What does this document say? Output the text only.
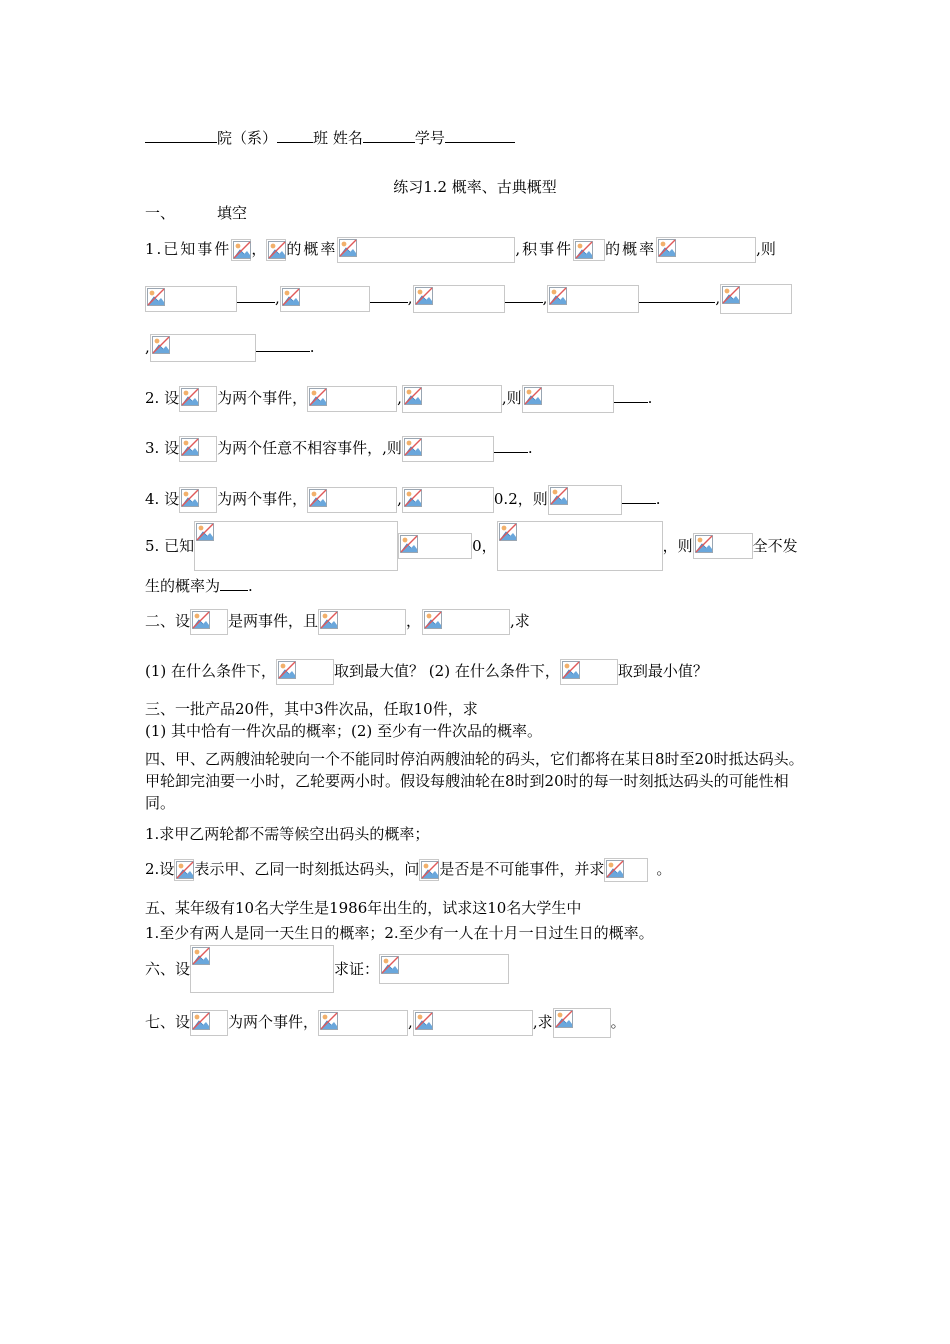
院（系） 班 姓名	学号
练习1.2 概率、古典概型
一、	填空
1.已知事件 ， 的概率	,积事件 的概率	,则
,	,	,	,
,	.
2. 设	为两个事件，	,	,则	.
3. 设	为两个任意不相容事件，,则	.
4. 设	为两个事件，	,	0.2，则	.
5. 已知	0，	，则	全不发
生的概率为 .
二、设	是两事件，且	，	,求
(1) 在什么条件下，	取到最大值？ (2) 在什么条件下，	取到最小值？
三、一批产品20件，其中3件次品，任取10件，求
(1) 其中恰有一件次品的概率；(2) 至少有一件次品的概率。
四、甲、乙两艘油轮驶向一个不能同时停泊两艘油轮的码头，它们都将在某日8时至20时抵达码头。甲轮卸完油要一小时，乙轮要两小时。假设每艘油轮在8时到20时的每一时刻抵达码头的可能性相同。
1.求甲乙两轮都不需等候空出码头的概率；
2.设 表示甲、乙同一时刻抵达码头，问 是否是不可能事件，并求	。
五、某年级有10名大学生是1986年出生的，试求这10名大学生中
1.至少有两人是同一天生日的概率；2.至少有一人在十月一日过生日的概率。
六、设	求证：
七、设	为两个事件，	,	,求	。
